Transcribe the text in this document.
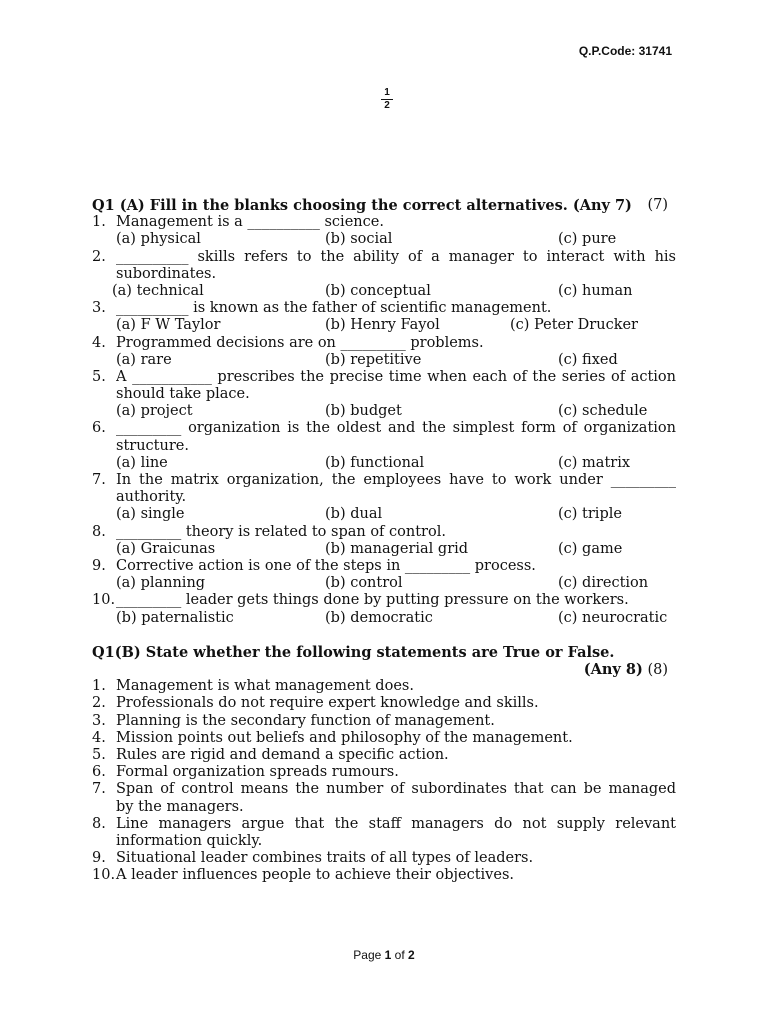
Q.P.Code: 31741
1
2
Q1 (A) Fill in the blanks choosing the correct alternatives. (Any 7) (7)
1. Management is a __________ science.
(a) physical	(b) social	(c) pure
2. __________ skills refers to the ability of a manager to interact with his
subordinates.
(a) technical	(b) conceptual	(c) human
3. __________ is known as the father of scientific management.
(a) F W Taylor	(b) Henry Fayol	(c) Peter Drucker
4. Programmed decisions are on _________ problems.
(a) rare	(b) repetitive	(c) fixed
5. A ___________ prescribes the precise time when each of the series of action
should take place.
(a) project	(b) budget	(c) schedule
6. _________ organization is the oldest and the simplest form of organization
structure.
(a) line	(b) functional	(c) matrix
7. In the matrix organization, the employees have to work under _________
authority.
(a) single	(b) dual	(c) triple
8. _________ theory is related to span of control.
(a) Graicunas	(b) managerial grid	(c) game
9. Corrective action is one of the steps in _________ process.
(a) planning	(b) control	(c) direction
10. _________ leader gets things done by putting pressure on the workers.
(b) paternalistic	(b) democratic	(c) neurocratic
Q1(B) State whether the following statements are True or False.
(Any 8) (8)
1. Management is what management does.
2. Professionals do not require expert knowledge and skills.
3. Planning is the secondary function of management.
4. Mission points out beliefs and philosophy of the management.
5. Rules are rigid and demand a specific action.
6. Formal organization spreads rumours.
7. Span of control means the number of subordinates that can be managed
by the managers.
8. Line managers argue that the staff managers do not supply relevant
information quickly.
9. Situational leader combines traits of all types of leaders.
10. A leader influences people to achieve their objectives.
Page 1 of 2
